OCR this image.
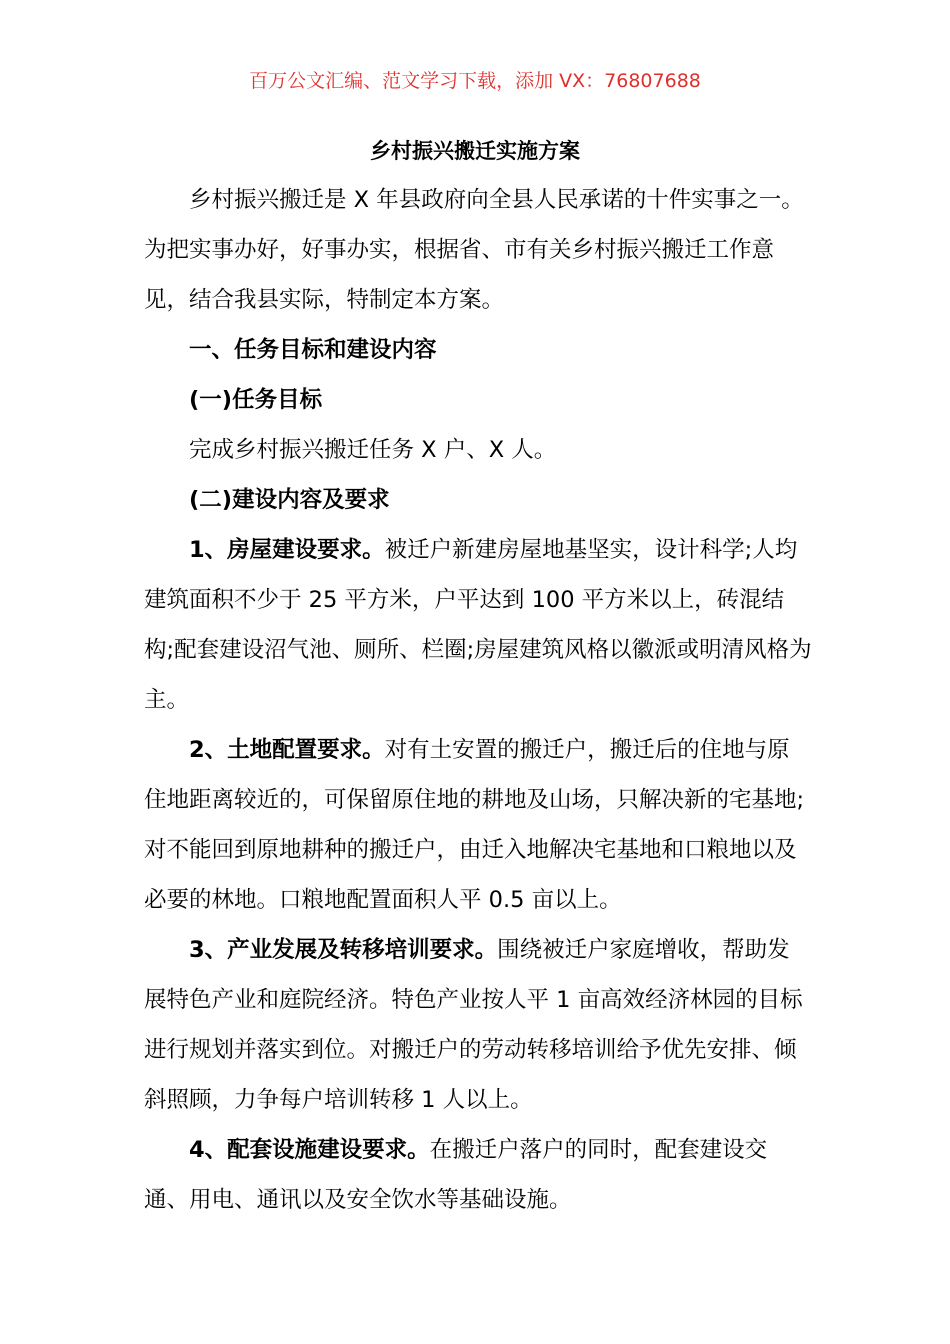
百万公文汇编、范文学习下载，添加 VX：76807688
乡村振兴搬迁实施方案

乡村振兴搬迁是 X 年县政府向全县人民承诺的十件实事之一。为把实事办好，好事办实，根据省、市有关乡村振兴搬迁工作意见，结合我县实际，特制定本方案。

一、任务目标和建设内容

(一)任务目标

完成乡村振兴搬迁任务 X 户、X 人。

(二)建设内容及要求

1、房屋建设要求。被迁户新建房屋地基坚实，设计科学;人均建筑面积不少于 25 平方米，户平达到 100 平方米以上，砖混结构;配套建设沼气池、厕所、栏圈;房屋建筑风格以徽派或明清风格为主。

2、土地配置要求。对有土安置的搬迁户，搬迁后的住地与原住地距离较近的，可保留原住地的耕地及山场，只解决新的宅基地;对不能回到原地耕种的搬迁户，由迁入地解决宅基地和口粮地以及必要的林地。口粮地配置面积人平 0.5 亩以上。

3、产业发展及转移培训要求。围绕被迁户家庭增收，帮助发展特色产业和庭院经济。特色产业按人平 1 亩高效经济林园的目标进行规划并落实到位。对搬迁户的劳动转移培训给予优先安排、倾斜照顾，力争每户培训转移 1 人以上。

4、配套设施建设要求。在搬迁户落户的同时，配套建设交通、用电、通讯以及安全饮水等基础设施。
